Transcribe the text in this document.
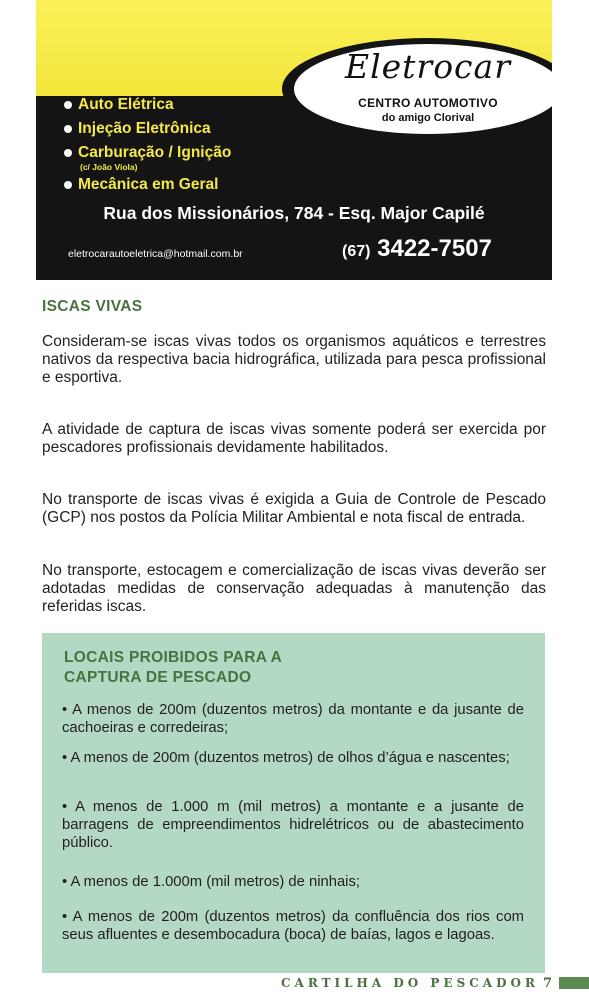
Eletrocar
CENTRO AUTOMOTIVO
do amigo Clorival
Auto Elétrica
Injeção Eletrônica
Carburação / Ignição
(c/ João Viola)
Mecânica em Geral
Rua dos Missionários, 784 - Esq. Major Capilé
eletrocarautoeletrica@hotmail.com.br	(67) 3422-7507
ISCAS VIVAS

Consideram-se iscas vivas todos os organismos aquáticos e terrestres nativos da respectiva bacia hidrográfica, utilizada para pesca profissional e esportiva.

A atividade de captura de iscas vivas somente poderá ser exercida por pescadores profissionais devidamente habilitados.

No transporte de iscas vivas é exigida a Guia de Controle de Pescado (GCP) nos postos da Polícia Militar Ambiental e nota fiscal de entrada.

No transporte, estocagem e comercialização de iscas vivas deverão ser adotadas medidas de conservação adequadas à manutenção das referidas iscas.

LOCAIS PROIBIDOS PARA A
CAPTURA DE PESCADO

• A menos de 200m (duzentos metros) da montante e da jusante de cachoeiras e corredeiras;

• A menos de 200m (duzentos metros) de olhos d’água e nascentes;

• A menos de 1.000 m (mil metros) a montante e a jusante de barragens de empreendimentos hidrelétricos ou de abastecimento público.

• A menos de 1.000m (mil metros) de ninhais;

• A menos de 200m (duzentos metros) da confluência dos rios com seus afluentes e desembocadura (boca) de baías, lagos e lagoas.

CARTILHA DO PESCADOR 7
